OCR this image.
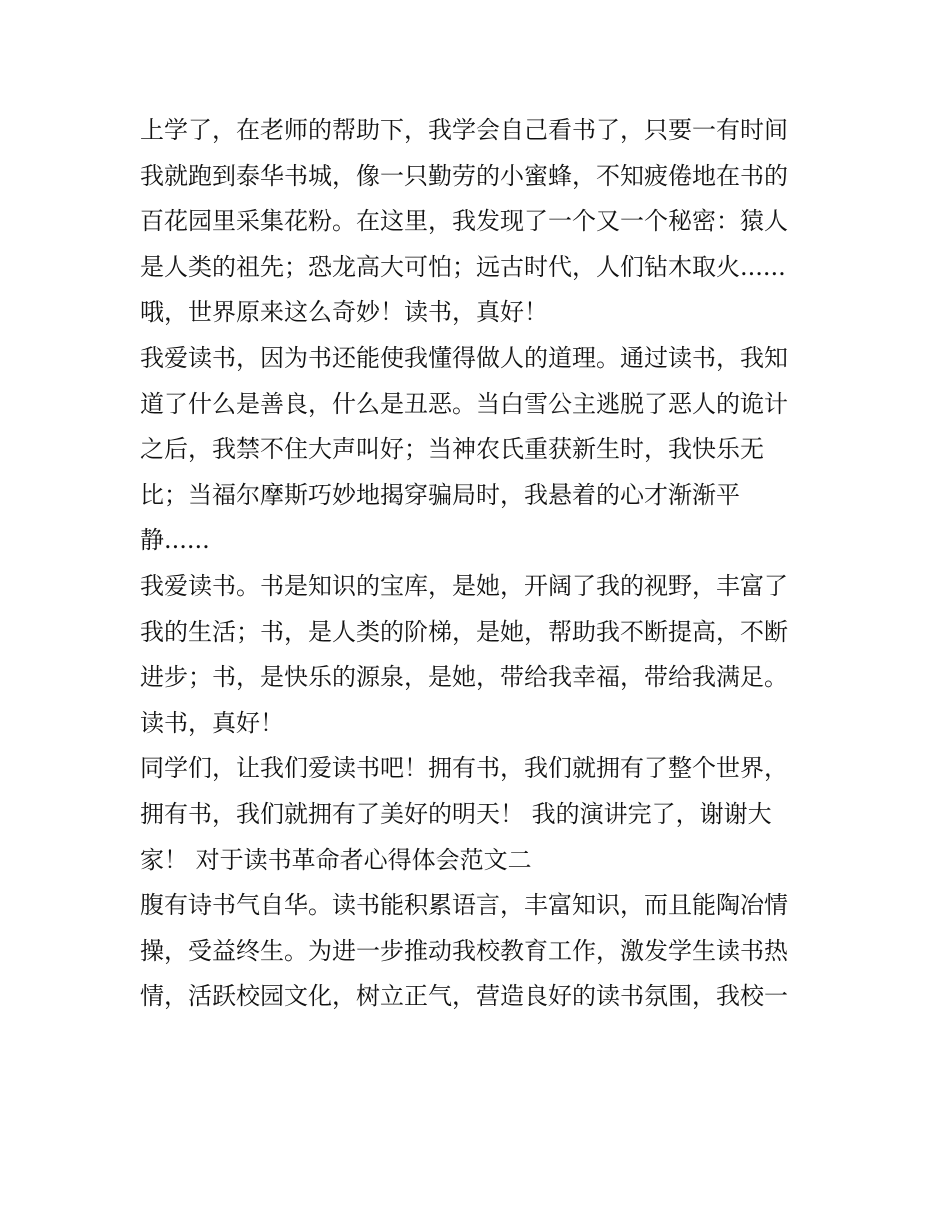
上学了，在老师的帮助下，我学会自己看书了，只要一有时间
我就跑到泰华书城，像一只勤劳的小蜜蜂，不知疲倦地在书的
百花园里采集花粉。在这里，我发现了一个又一个秘密：猿人
是人类的祖先；恐龙高大可怕；远古时代，人们钻木取火......
哦，世界原来这么奇妙！读书，真好！
我爱读书，因为书还能使我懂得做人的道理。通过读书，我知
道了什么是善良，什么是丑恶。当白雪公主逃脱了恶人的诡计
之后，我禁不住大声叫好；当神农氏重获新生时，我快乐无
比；当福尔摩斯巧妙地揭穿骗局时，我悬着的心才渐渐平
静......
我爱读书。书是知识的宝库，是她，开阔了我的视野，丰富了
我的生活；书，是人类的阶梯，是她，帮助我不断提高，不断
进步；书，是快乐的源泉，是她，带给我幸福，带给我满足。
读书，真好！
同学们，让我们爱读书吧！拥有书，我们就拥有了整个世界，
拥有书，我们就拥有了美好的明天！ 我的演讲完了，谢谢大
家！ 对于读书革命者心得体会范文二
腹有诗书气自华。读书能积累语言，丰富知识，而且能陶冶情
操，受益终生。为进一步推动我校教育工作，激发学生读书热
情，活跃校园文化，树立正气，营造良好的读书氛围，我校一
